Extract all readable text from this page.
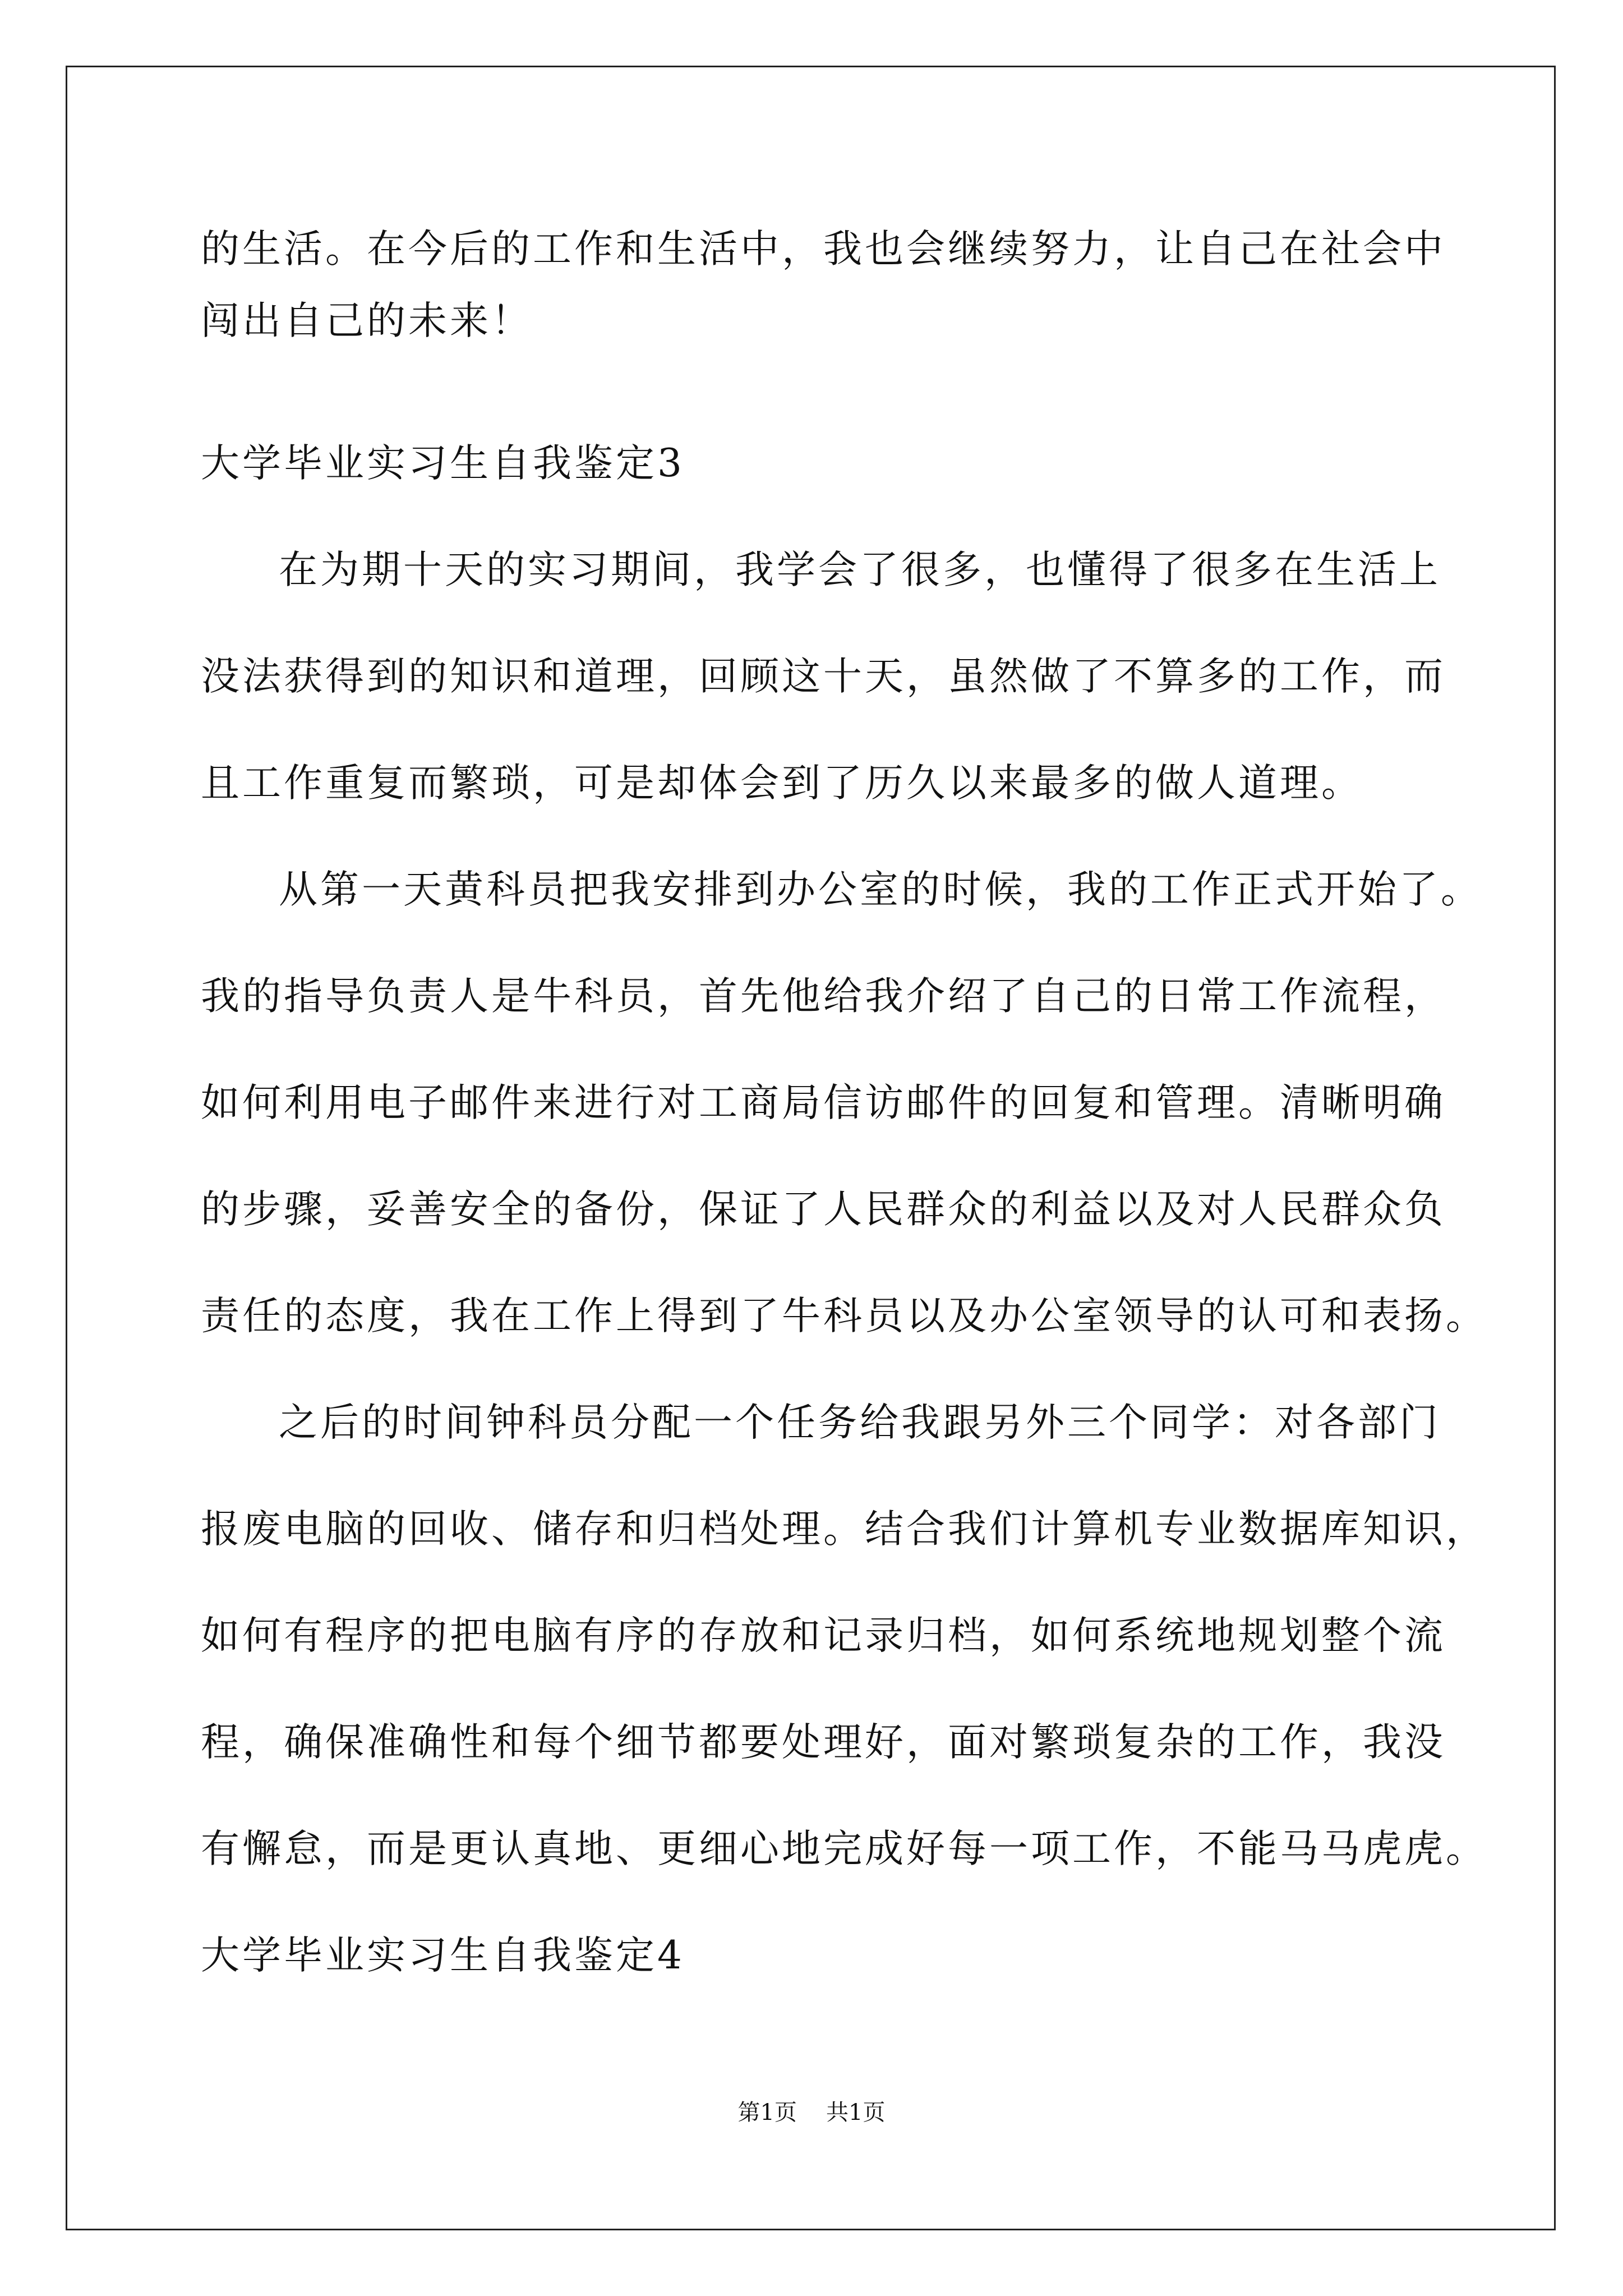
的生活。在今后的工作和生活中，我也会继续努力，让自己在社会中
闯出自己的未来！
大学毕业实习生自我鉴定3
在为期十天的实习期间，我学会了很多，也懂得了很多在生活上
没法获得到的知识和道理，回顾这十天，虽然做了不算多的工作，而
且工作重复而繁琐，可是却体会到了历久以来最多的做人道理。
从第一天黄科员把我安排到办公室的时候，我的工作正式开始了。
我的指导负责人是牛科员，首先他给我介绍了自己的日常工作流程，
如何利用电子邮件来进行对工商局信访邮件的回复和管理。清晰明确
的步骤，妥善安全的备份，保证了人民群众的利益以及对人民群众负
责任的态度，我在工作上得到了牛科员以及办公室领导的认可和表扬。
之后的时间钟科员分配一个任务给我跟另外三个同学：对各部门
报废电脑的回收、储存和归档处理。结合我们计算机专业数据库知识，
如何有程序的把电脑有序的存放和记录归档，如何系统地规划整个流
程，确保准确性和每个细节都要处理好，面对繁琐复杂的工作，我没
有懈怠，而是更认真地、更细心地完成好每一项工作，不能马马虎虎。
大学毕业实习生自我鉴定4
第1页 共1页
